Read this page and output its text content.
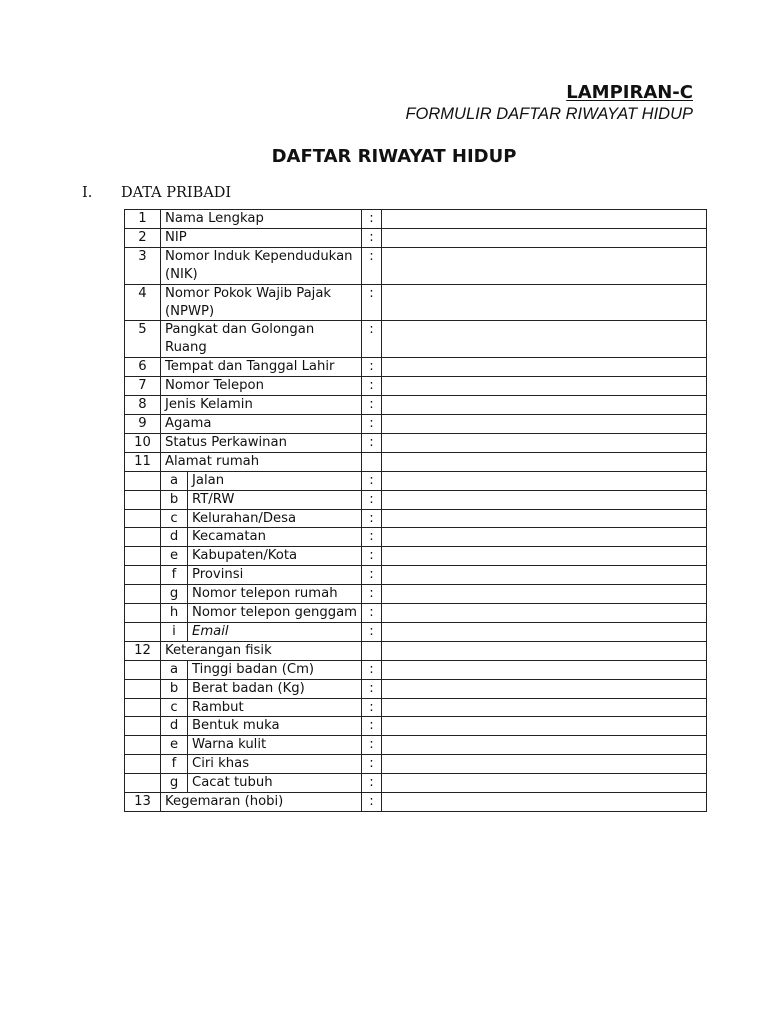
LAMPIRAN-C
FORMULIR DAFTAR RIWAYAT HIDUP
DAFTAR RIWAYAT HIDUP
I. DATA PRIBADI
1	Nama Lengkap		:	
2	NIP		:	
3	Nomor Induk Kependudukan (NIK)		:	
4	Nomor Pokok Wajib Pajak (NPWP)		:	
5	Pangkat dan Golongan Ruang		:	
6	Tempat dan Tanggal Lahir		:	
7	Nomor Telepon		:	
8	Jenis Kelamin		:	
9	Agama		:	
10	Status Perkawinan		:	
11	Alamat rumah			
	a	Jalan	:	
	b	RT/RW	:	
	c	Kelurahan/Desa	:	
	d	Kecamatan	:	
	e	Kabupaten/Kota	:	
	f	Provinsi	:	
	g	Nomor telepon rumah	:	
	h	Nomor telepon genggam	:	
	i	Email	:	
12	Keterangan fisik			
	a	Tinggi badan (Cm)	:	
	b	Berat badan (Kg)	:	
	c	Rambut	:	
	d	Bentuk muka	:	
	e	Warna kulit	:	
	f	Ciri khas	:	
	g	Cacat tubuh	:	
13	Kegemaran (hobi)		:	
